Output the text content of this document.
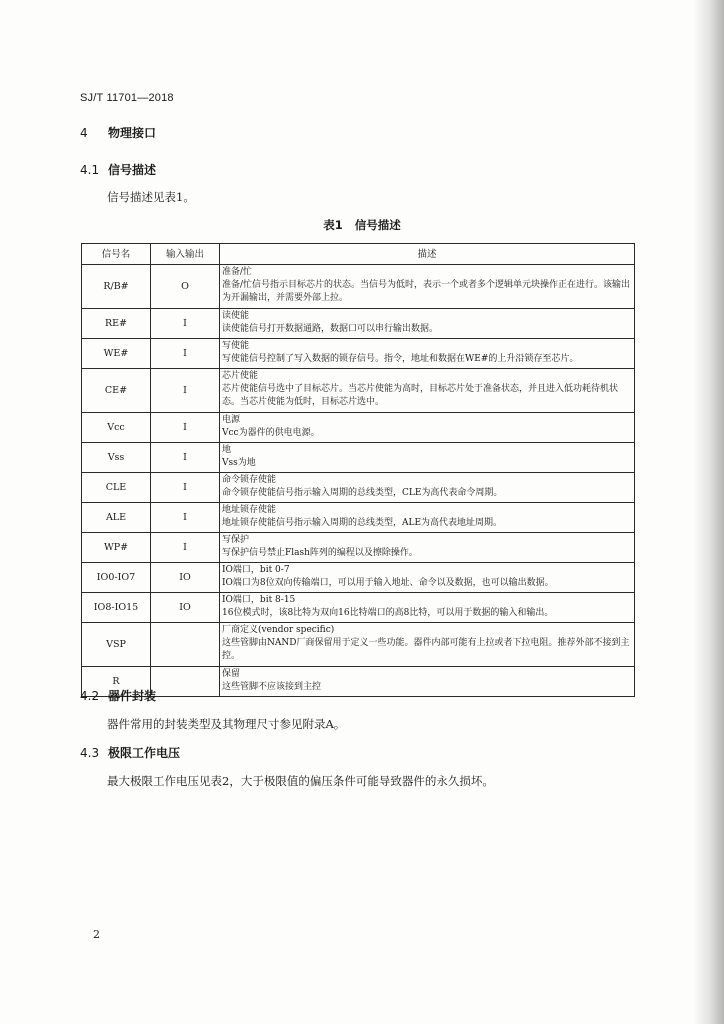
SJ/T 11701—2018
4 物理接口
4.1 信号描述
信号描述见表1。
表1 信号描述
信号名	输入输出	描述
R/B#	O	准备/忙
准备/忙信号指示目标芯片的状态。当信号为低时，表示一个或者多个逻辑单元块操作正在进行。该输出为开漏输出，并需要外部上拉。

RE#	I	读使能
读使能信号打开数据通路，数据口可以串行输出数据。

WE#	I	写使能
写使能信号控制了写入数据的锁存信号。指令，地址和数据在WE#的上升沿锁存至芯片。

CE#	I	芯片使能
芯片使能信号选中了目标芯片。当芯片使能为高时，目标芯片处于准备状态，并且进入低功耗待机状态。当芯片使能为低时，目标芯片选中。

Vcc	I	电源
Vcc为器件的供电电源。

Vss	I	地
Vss为地

CLE	I	命令锁存使能
命令锁存使能信号指示输入周期的总线类型，CLE为高代表命令周期。

ALE	I	地址锁存使能
地址锁存使能信号指示输入周期的总线类型，ALE为高代表地址周期。

WP#	I	写保护
写保护信号禁止Flash阵列的编程以及擦除操作。

IO0-IO7	IO	IO端口，bit 0-7
IO端口为8位双向传输端口，可以用于输入地址、命令以及数据，也可以输出数据。

IO8-IO15	IO	IO端口，bit 8-15
16位模式时，该8比特为双向16比特端口的高8比特，可以用于数据的输入和输出。

VSP		厂商定义(vendor specific)
这些管脚由NAND厂商保留用于定义一些功能。器件内部可能有上拉或者下拉电阻。推荐外部不接到主控。

R		保留
这些管脚不应该接到主控
4.2 器件封装
器件常用的封装类型及其物理尺寸参见附录A。
4.3 极限工作电压
最大极限工作电压见表2，大于极限值的偏压条件可能导致器件的永久损坏。
2
